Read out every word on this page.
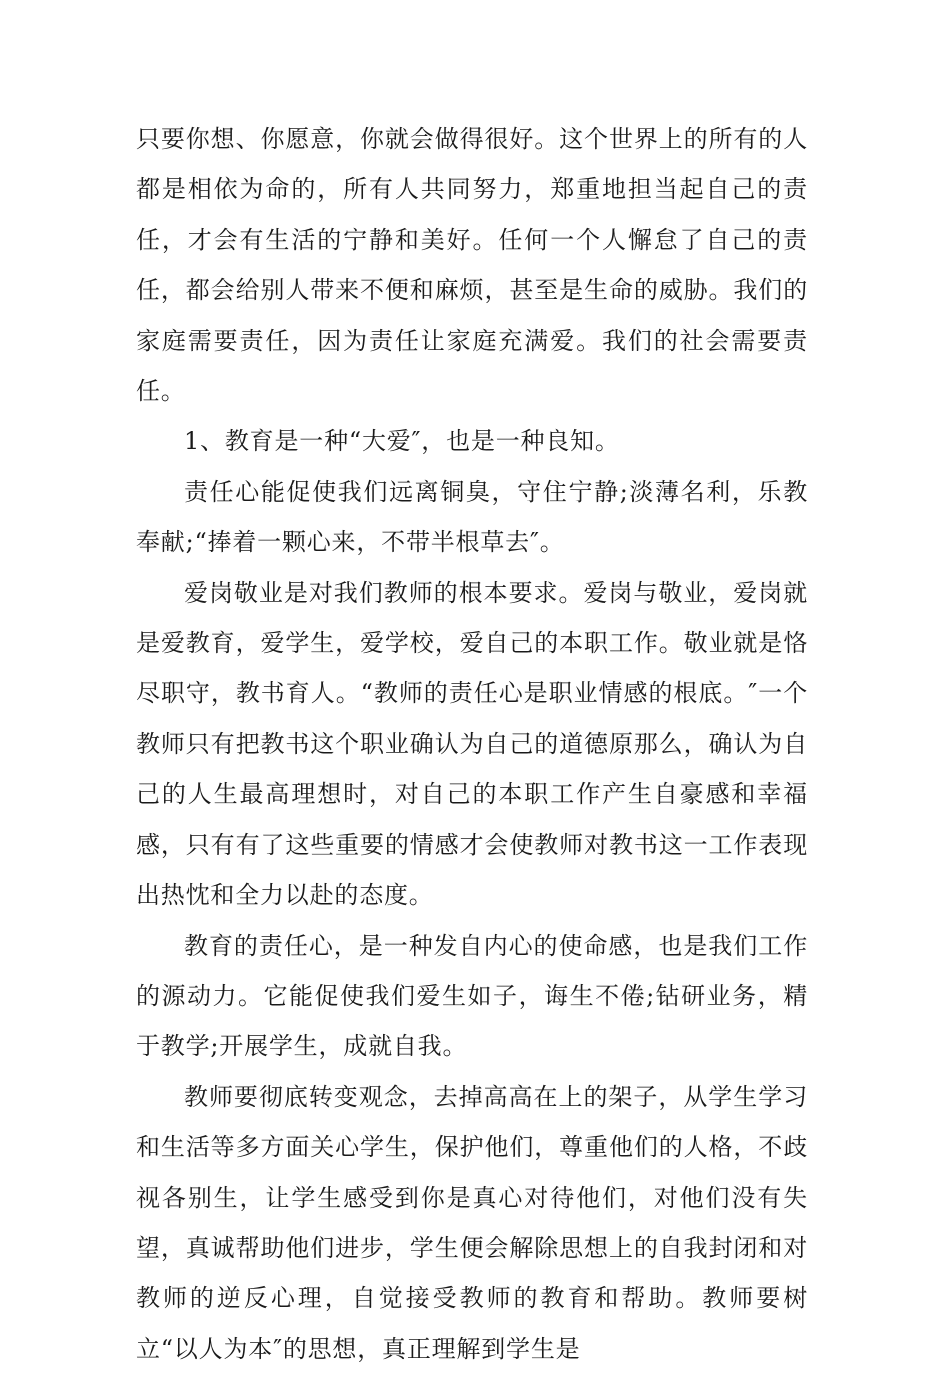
只要你想、你愿意，你就会做得很好。这个世界上的所有的人都是相依为命的，所有人共同努力，郑重地担当起自己的责任，才会有生活的宁静和美好。任何一个人懈怠了自己的责任，都会给别人带来不便和麻烦，甚至是生命的威胁。我们的家庭需要责任，因为责任让家庭充满爱。我们的社会需要责任。

1、教育是一种“大爱″，也是一种良知。

责任心能促使我们远离铜臭，守住宁静;淡薄名利，乐教奉献;“捧着一颗心来，不带半根草去″。

爱岗敬业是对我们教师的根本要求。爱岗与敬业，爱岗就是爱教育，爱学生，爱学校，爱自己的本职工作。敬业就是恪尽职守，教书育人。“教师的责任心是职业情感的根底。″一个教师只有把教书这个职业确认为自己的道德原那么，确认为自己的人生最高理想时，对自己的本职工作产生自豪感和幸福感，只有有了这些重要的情感才会使教师对教书这一工作表现出热忱和全力以赴的态度。

教育的责任心，是一种发自内心的使命感，也是我们工作的源动力。它能促使我们爱生如子，诲生不倦;钻研业务，精于教学;开展学生，成就自我。

教师要彻底转变观念，去掉高高在上的架子，从学生学习和生活等多方面关心学生，保护他们，尊重他们的人格，不歧视各别生，让学生感受到你是真心对待他们，对他们没有失望，真诚帮助他们进步，学生便会解除思想上的自我封闭和对教师的逆反心理，自觉接受教师的教育和帮助。教师要树立“以人为本″的思想，真正理解到学生是
